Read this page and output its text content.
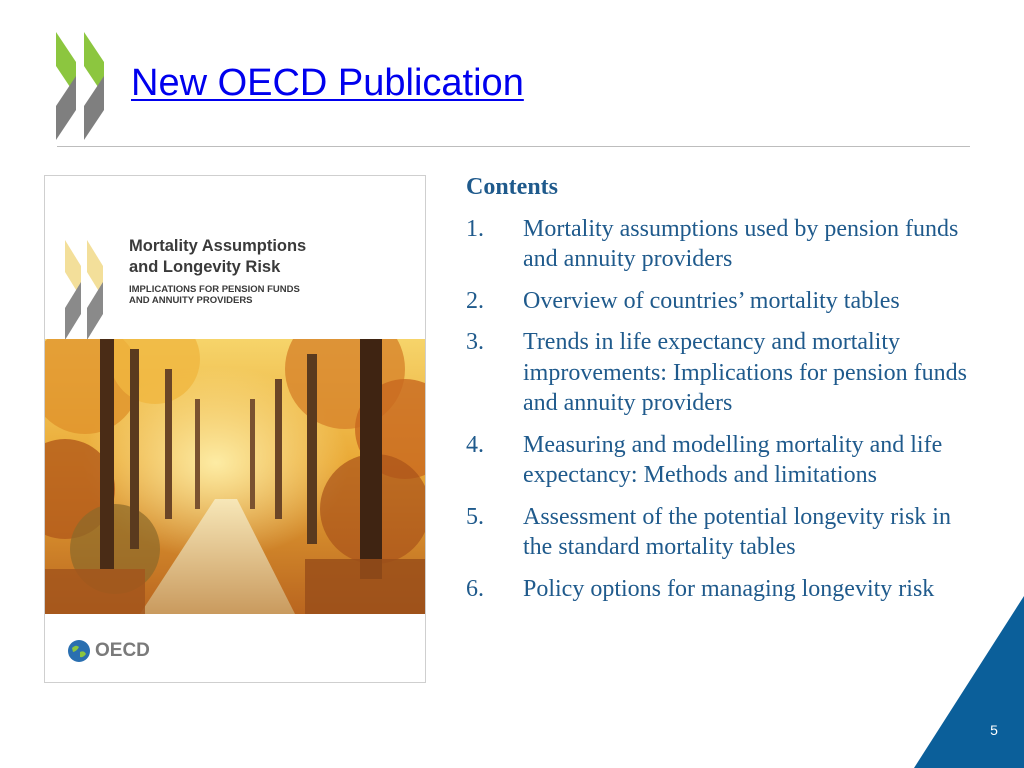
New OECD Publication
Mortality Assumptions
and Longevity Risk
IMPLICATIONS FOR PENSION FUNDS
AND ANNUITY PROVIDERS
OECD
Contents
1.	Mortality assumptions used by pension funds and annuity providers
2.	Overview of countries’ mortality tables
3.	Trends in life expectancy and mortality improvements: Implications for pension funds and annuity providers
4.	Measuring and modelling mortality and life expectancy: Methods and limitations
5.	Assessment of the potential longevity risk in the standard mortality tables
6.	Policy options for managing longevity risk
5
